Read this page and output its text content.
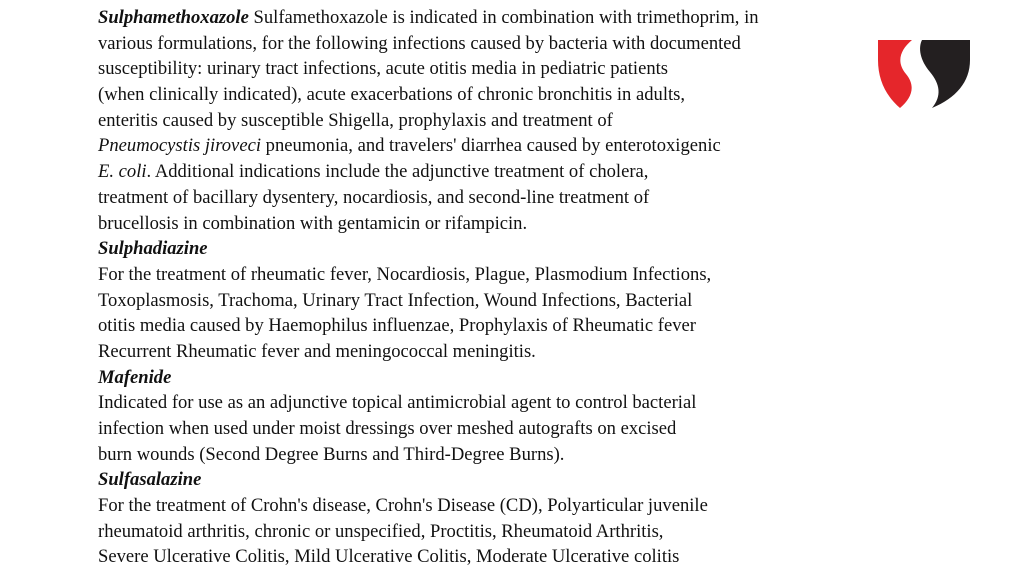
Sulphamethoxazole Sulfamethoxazole is indicated in combination with trimethoprim, in
various formulations, for the following infections caused by bacteria with documented
susceptibility: urinary tract infections, acute otitis media in pediatric patients
(when clinically indicated), acute exacerbations of chronic bronchitis in adults,
enteritis caused by susceptible Shigella, prophylaxis and treatment of
Pneumocystis jiroveci pneumonia, and travelers' diarrhea caused by enterotoxigenic
E. coli. Additional indications include the adjunctive treatment of cholera,
treatment of bacillary dysentery, nocardiosis, and second-line treatment of
brucellosis in combination with gentamicin or rifampicin.
Sulphadiazine
For the treatment of rheumatic fever, Nocardiosis, Plague, Plasmodium Infections,
Toxoplasmosis, Trachoma, Urinary Tract Infection, Wound Infections, Bacterial
otitis media caused by Haemophilus influenzae, Prophylaxis of Rheumatic fever
Recurrent Rheumatic fever and meningococcal meningitis.
Mafenide
Indicated for use as an adjunctive topical antimicrobial agent to control bacterial
infection when used under moist dressings over meshed autografts on excised
burn wounds (Second Degree Burns and Third-Degree Burns).
Sulfasalazine
For the treatment of Crohn's disease, Crohn's Disease (CD), Polyarticular juvenile
rheumatoid arthritis, chronic or unspecified, Proctitis, Rheumatoid Arthritis,
Severe Ulcerative Colitis, Mild Ulcerative Colitis, Moderate Ulcerative colitis
